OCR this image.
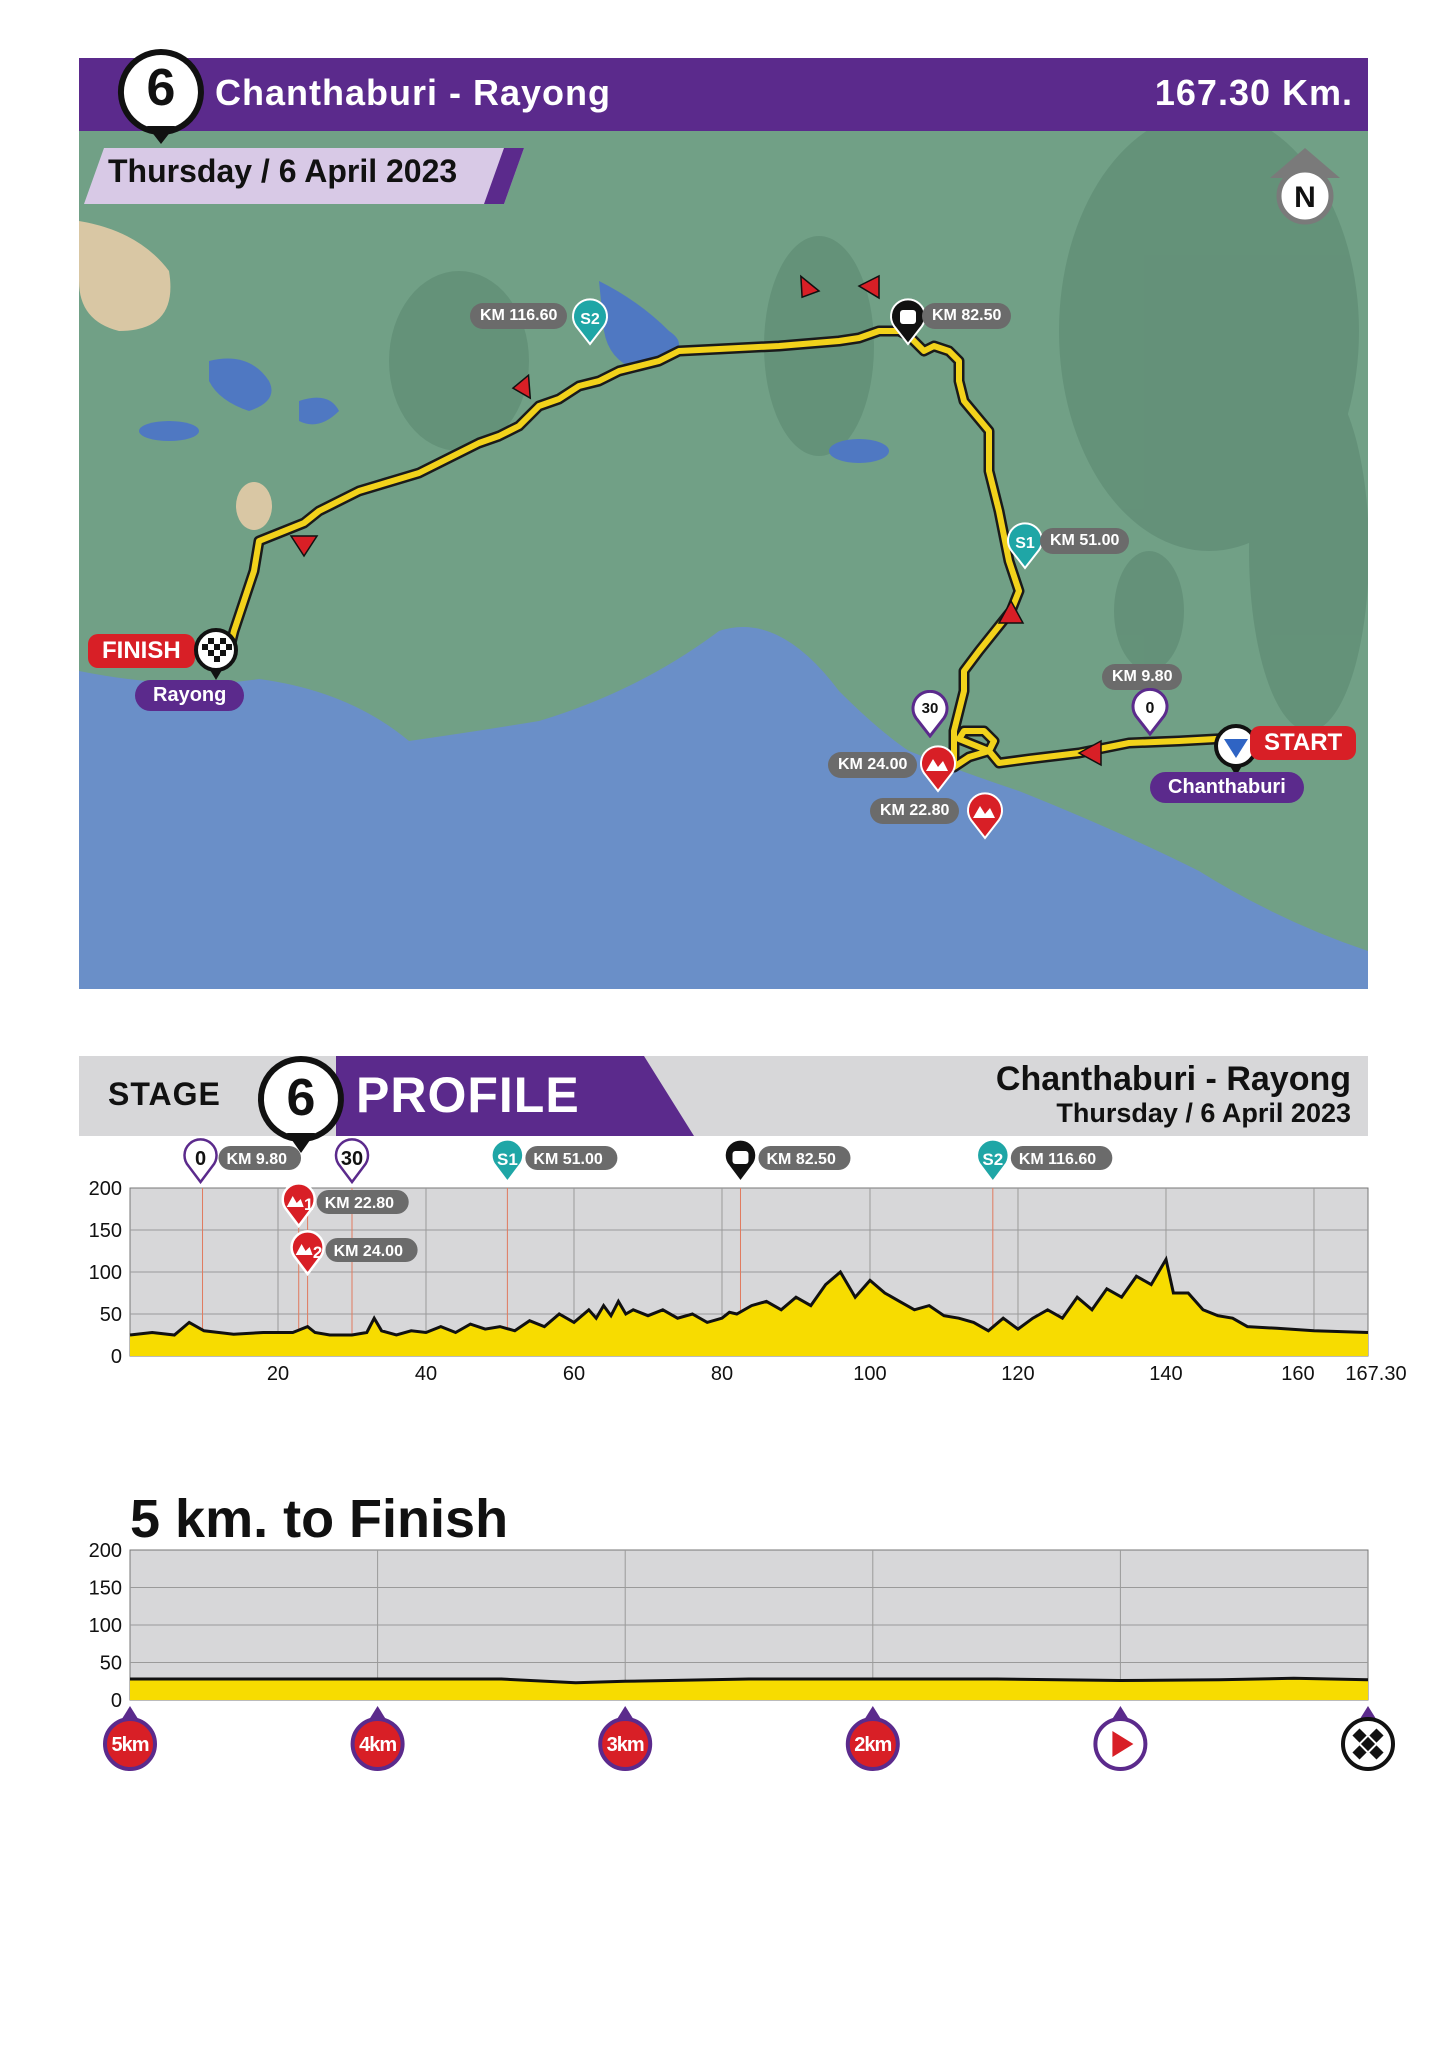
6	Chanthaburi - Rayong	167.30 Km.
Thursday / 6 April 2023
N
KM 116.60	S2	KM 82.50
S1 KM 51.00
KM 9.80
0
30
KM 24.00
KM 22.80
START
Chanthaburi
FINISH
Rayong
STAGE	6 PROFILE	Chanthaburi - Rayong
Thursday / 6 April 2023
200
150
100
50
0
20	40	60	80	100	120	140	160 167.30
0 KM 9.80
1 KM 22.80
2 KM 24.00
30	S1 KM 51.00	KM 82.50	S2 KM 116.60
5 km. to Finish
200
150
100
50
0
5km	4km	3km	2km
